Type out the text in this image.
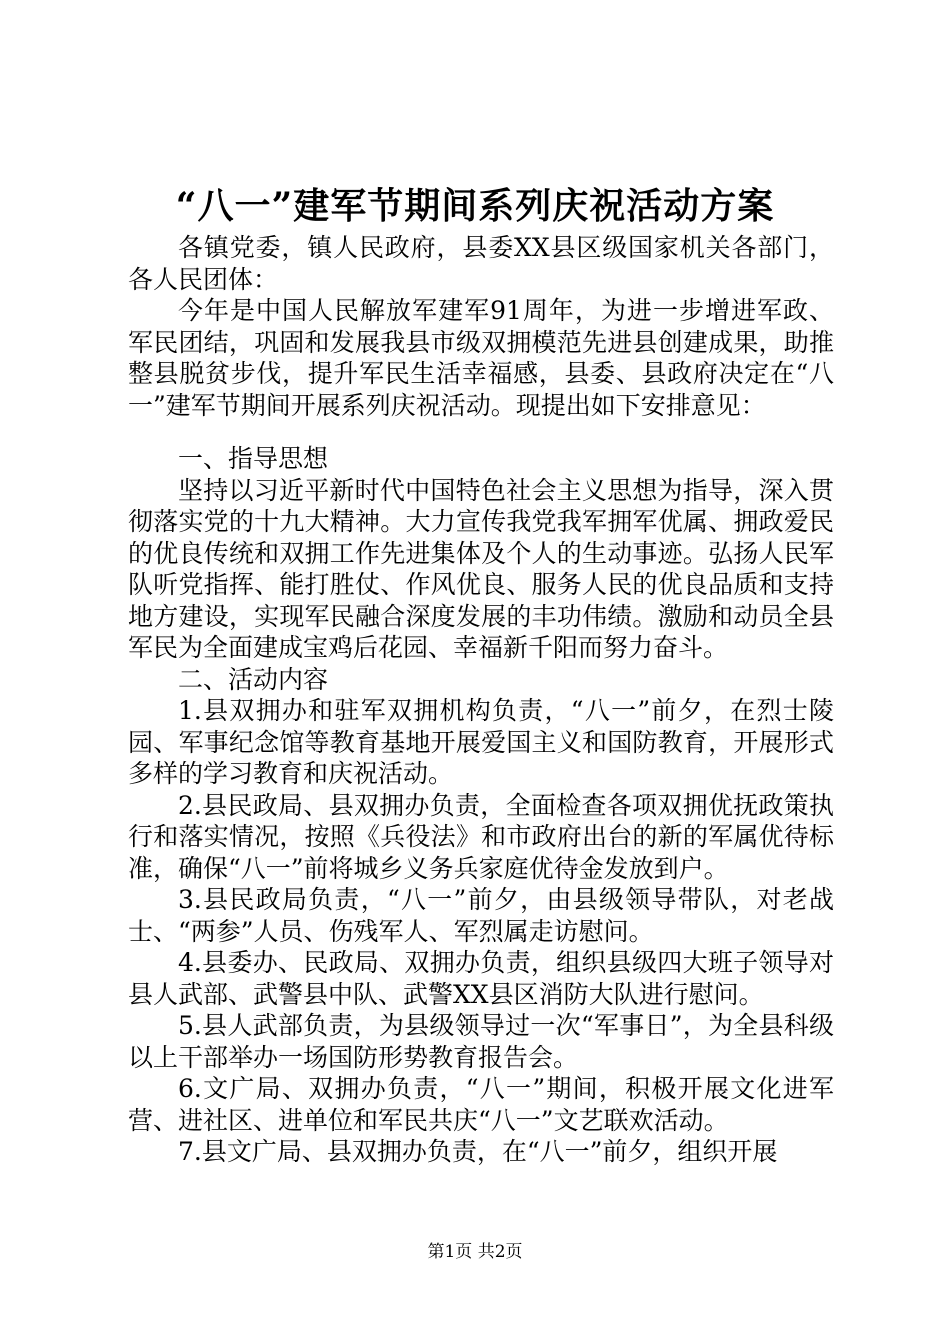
“八一”建军节期间系列庆祝活动方案

各镇党委，镇人民政府，县委XX县区级国家机关各部门，各人民团体：

今年是中国人民解放军建军91周年，为进一步增进军政、军民团结，巩固和发展我县市级双拥模范先进县创建成果，助推整县脱贫步伐，提升军民生活幸福感，县委、县政府决定在“八一”建军节期间开展系列庆祝活动。现提出如下安排意见：

一、指导思想

坚持以习近平新时代中国特色社会主义思想为指导，深入贯彻落实党的十九大精神。大力宣传我党我军拥军优属、拥政爱民的优良传统和双拥工作先进集体及个人的生动事迹。弘扬人民军队听党指挥、能打胜仗、作风优良、服务人民的优良品质和支持地方建设，实现军民融合深度发展的丰功伟绩。激励和动员全县军民为全面建成宝鸡后花园、幸福新千阳而努力奋斗。

二、活动内容

1.县双拥办和驻军双拥机构负责，“八一”前夕，在烈士陵园、军事纪念馆等教育基地开展爱国主义和国防教育，开展形式多样的学习教育和庆祝活动。

2.县民政局、县双拥办负责，全面检查各项双拥优抚政策执行和落实情况，按照《兵役法》和市政府出台的新的军属优待标准，确保“八一”前将城乡义务兵家庭优待金发放到户。

3.县民政局负责，“八一”前夕，由县级领导带队，对老战士、“两参”人员、伤残军人、军烈属走访慰问。

4.县委办、民政局、双拥办负责，组织县级四大班子领导对县人武部、武警县中队、武警XX县区消防大队进行慰问。

5.县人武部负责，为县级领导过一次“军事日”，为全县科级以上干部举办一场国防形势教育报告会。

6.文广局、双拥办负责，“八一”期间，积极开展文化进军营、进社区、进单位和军民共庆“八一”文艺联欢活动。

7.县文广局、县双拥办负责，在“八一”前夕，组织开展

第1页 共2页
